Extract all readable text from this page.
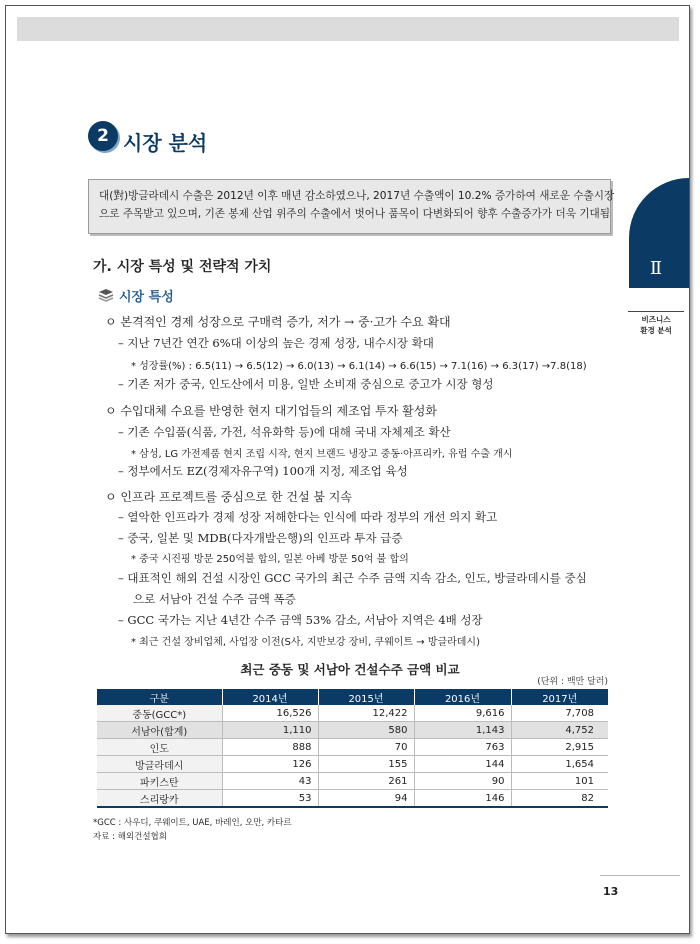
2 시장 분석

대(對)방글라데시 수출은 2012년 이후 매년 감소하였으나, 2017년 수출액이 10.2% 증가하여 새로운 수출시장

으로 주목받고 있으며, 기존 봉제 산업 위주의 수출에서 벗어나 품목이 다변화되어 향후 수출증가가 더욱 기대됨

Ⅱ
비즈니스
환경 분석
가. 시장 특성 및 전략적 가치
시장 특성
ㅇ 본격적인 경제 성장으로 구매력 증가, 저가 → 중·고가 수요 확대
– 지난 7년간 연간 6%대 이상의 높은 경제 성장, 내수시장 확대
* 성장률(%) : 6.5(11) → 6.5(12) → 6.0(13) → 6.1(14) → 6.6(15) → 7.1(16) → 6.3(17) →7.8(18)
– 기존 저가 중국, 인도산에서 미용, 일반 소비재 중심으로 중고가 시장 형성
ㅇ 수입대체 수요를 반영한 현지 대기업들의 제조업 투자 활성화
– 기존 수입품(식품, 가전, 석유화학 등)에 대해 국내 자체제조 확산
* 삼성, LG 가전제품 현지 조립 시작, 현지 브랜드 냉장고 중동·아프리카, 유럽 수출 개시
– 정부에서도 EZ(경제자유구역) 100개 지정, 제조업 육성
ㅇ 인프라 프로젝트를 중심으로 한 건설 붐 지속
– 열악한 인프라가 경제 성장 저해한다는 인식에 따라 정부의 개선 의지 확고
– 중국, 일본 및 MDB(다자개발은행)의 인프라 투자 급증
* 중국 시진핑 방문 250억불 합의, 일본 아베 방문 50억 불 합의
– 대표적인 해외 건설 시장인 GCC 국가의 최근 수주 금액 지속 감소, 인도, 방글라데시를 중심
으로 서남아 건설 수주 금액 폭증
– GCC 국가는 지난 4년간 수주 금액 53% 감소, 서남아 지역은 4배 성장
* 최근 건설 장비업체, 사업장 이전(S사, 지반보강 장비, 쿠웨이트 → 방글라데시)
최근 중동 및 서남아 건설수주 금액 비교
(단위 : 백만 달러)
구분	2014년	2015년	2016년	2017년
중동(GCC*)	16,526	12,422	9,616	7,708
서남아(합계)	1,110	580	1,143	4,752
인도	888	70	763	2,915
방글라데시	126	155	144	1,654
파키스탄	43	261	90	101
스리랑카	53	94	146	82
*GCC : 사우디, 쿠웨이트, UAE, 바레인, 오만, 카타르
자료 : 해외건설협회
13
